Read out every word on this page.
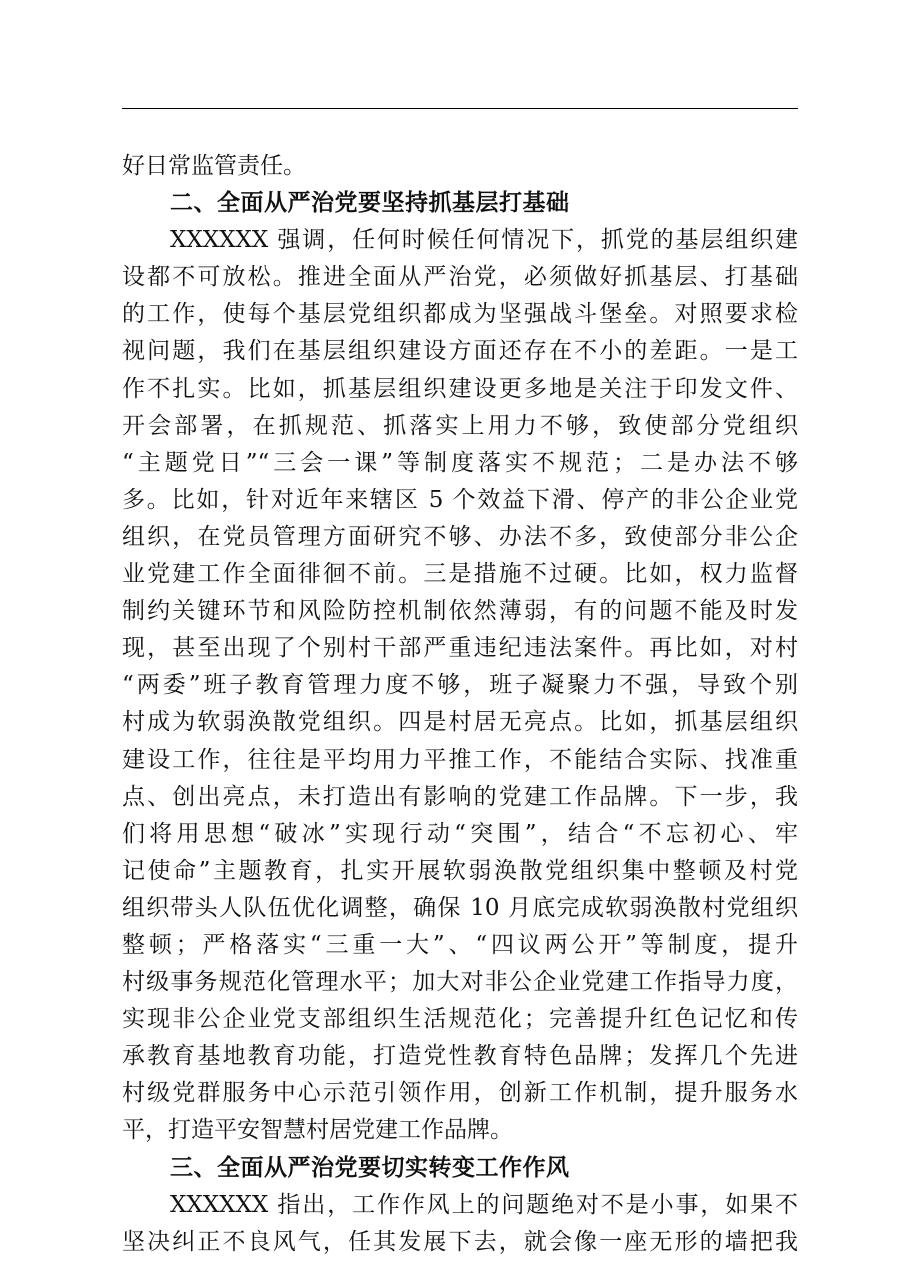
好日常监管责任。
二、全面从严治党要坚持抓基层打基础
XXXXXX 强调，任何时候任何情况下，抓党的基层组织建
设都不可放松。推进全面从严治党，必须做好抓基层、打基础
的工作，使每个基层党组织都成为坚强战斗堡垒。对照要求检
视问题，我们在基层组织建设方面还存在不小的差距。一是工
作不扎实。比如，抓基层组织建设更多地是关注于印发文件、
开会部署，在抓规范、抓落实上用力不够，致使部分党组织
“主题党日”“三会一课”等制度落实不规范；二是办法不够
多。比如，针对近年来辖区 5 个效益下滑、停产的非公企业党
组织，在党员管理方面研究不够、办法不多，致使部分非公企
业党建工作全面徘徊不前。三是措施不过硬。比如，权力监督
制约关键环节和风险防控机制依然薄弱，有的问题不能及时发
现，甚至出现了个别村干部严重违纪违法案件。再比如，对村
“两委”班子教育管理力度不够，班子凝聚力不强，导致个别
村成为软弱涣散党组织。四是村居无亮点。比如，抓基层组织
建设工作，往往是平均用力平推工作，不能结合实际、找准重
点、创出亮点，未打造出有影响的党建工作品牌。下一步，我
们将用思想“破冰”实现行动“突围”，结合“不忘初心、牢
记使命”主题教育，扎实开展软弱涣散党组织集中整顿及村党
组织带头人队伍优化调整，确保 10 月底完成软弱涣散村党组织
整顿；严格落实“三重一大”、“四议两公开”等制度，提升
村级事务规范化管理水平；加大对非公企业党建工作指导力度，
实现非公企业党支部组织生活规范化；完善提升红色记忆和传
承教育基地教育功能，打造党性教育特色品牌；发挥几个先进
村级党群服务中心示范引领作用，创新工作机制，提升服务水
平，打造平安智慧村居党建工作品牌。
三、全面从严治党要切实转变工作作风
XXXXXX 指出，工作作风上的问题绝对不是小事，如果不
坚决纠正不良风气，任其发展下去，就会像一座无形的墙把我
